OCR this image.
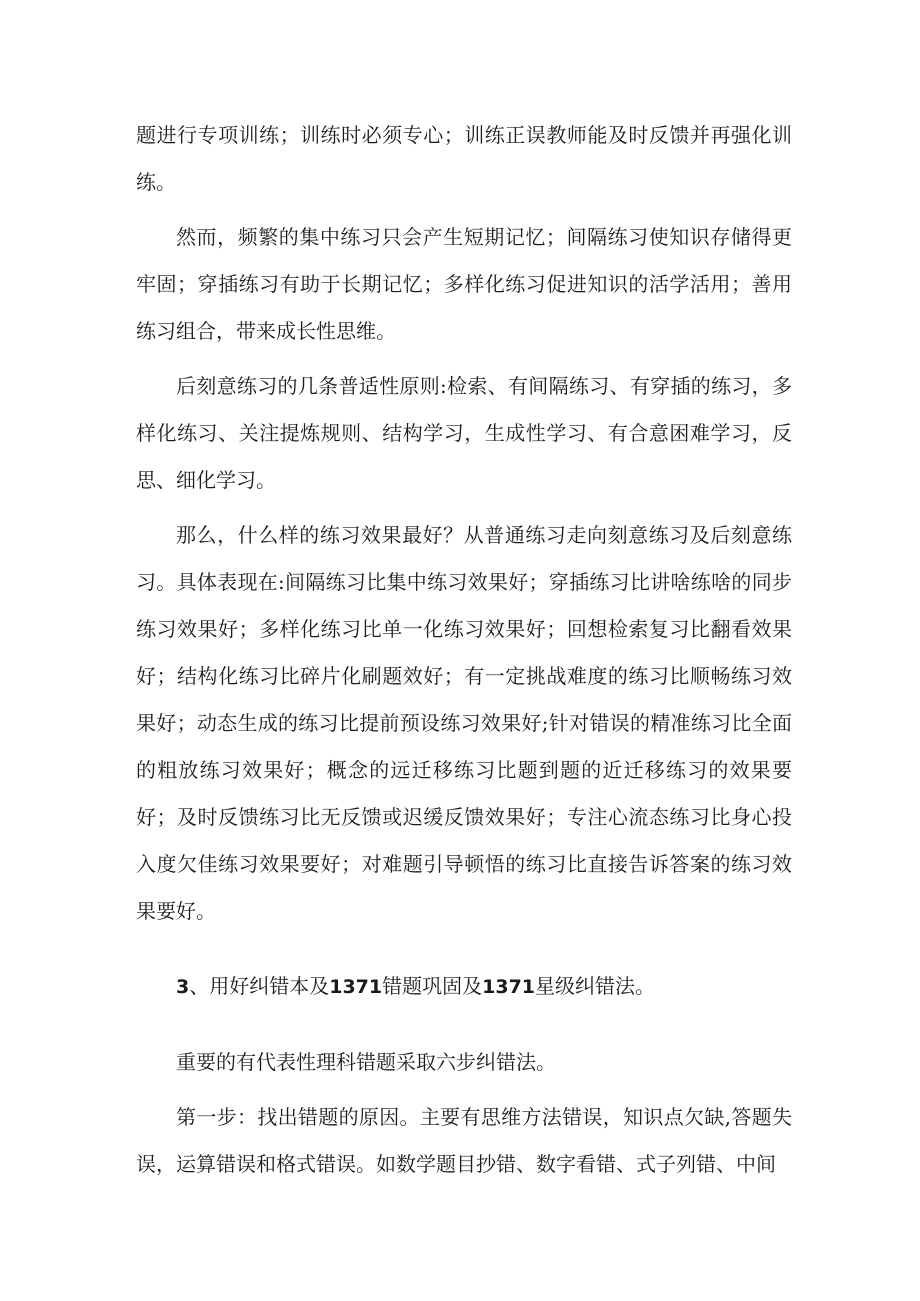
题进行专项训练；训练时必须专心；训练正误教师能及时反馈并再强化训练。

然而，频繁的集中练习只会产生短期记忆；间隔练习使知识存储得更牢固；穿插练习有助于长期记忆；多样化练习促进知识的活学活用；善用练习组合，带来成长性思维。

后刻意练习的几条普适性原则:检索、有间隔练习、有穿插的练习，多样化练习、关注提炼规则、结构学习，生成性学习、有合意困难学习，反思、细化学习。

那么，什么样的练习效果最好？从普通练习走向刻意练习及后刻意练习。具体表现在:间隔练习比集中练习效果好；穿插练习比讲啥练啥的同步练习效果好；多样化练习比单一化练习效果好；回想检索复习比翻看效果好；结构化练习比碎片化刷题效好；有一定挑战难度的练习比顺畅练习效果好；动态生成的练习比提前预设练习效果好;针对错误的精准练习比全面的粗放练习效果好；概念的远迁移练习比题到题的近迁移练习的效果要好；及时反馈练习比无反馈或迟缓反馈效果好；专注心流态练习比身心投入度欠佳练习效果要好；对难题引导顿悟的练习比直接告诉答案的练习效果要好。

3、用好纠错本及1371错题巩固及1371星级纠错法。

重要的有代表性理科错题采取六步纠错法。

第一步：找出错题的原因。主要有思维方法错误，知识点欠缺,答题失误，运算错误和格式错误。如数学题目抄错、数字看错、式子列错、中间
